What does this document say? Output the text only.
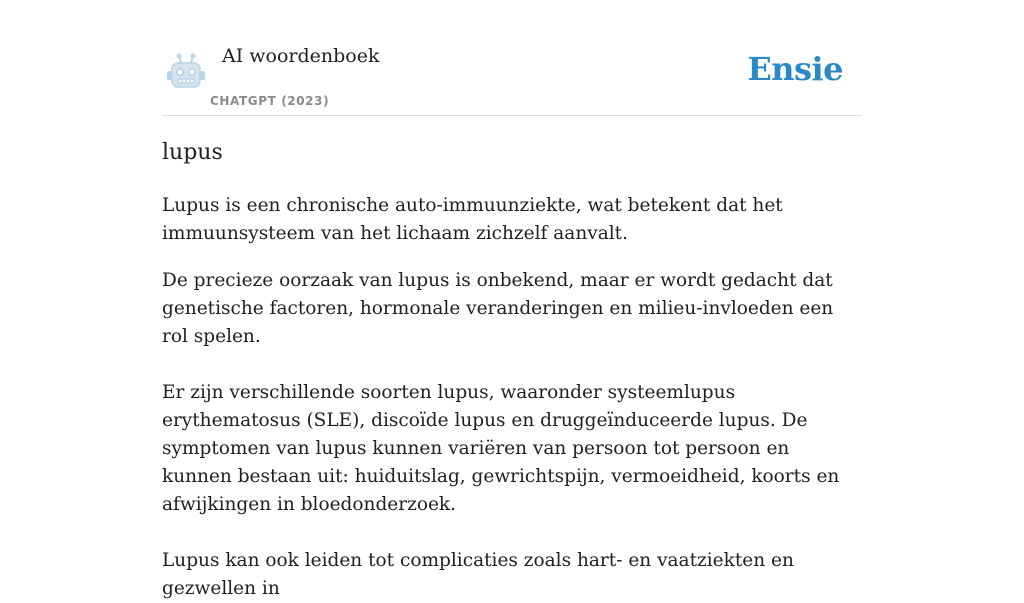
AI woordenboek
CHATGPT (2023)
Ensie
lupus

Lupus is een chronische auto-immuunziekte, wat betekent dat het immuunsysteem van het lichaam zichzelf aanvalt.

De precieze oorzaak van lupus is onbekend, maar er wordt gedacht dat genetische factoren, hormonale veranderingen en milieu-invloeden een rol spelen.

Er zijn verschillende soorten lupus, waaronder systeemlupus erythematosus (SLE), discoïde lupus en druggeïnduceerde lupus. De symptomen van lupus kunnen variëren van persoon tot persoon en kunnen bestaan uit: huiduitslag, gewrichtspijn, vermoeidheid, koorts en afwijkingen in bloedonderzoek.

Lupus kan ook leiden tot complicaties zoals hart- en vaatziekten en gezwellen in
